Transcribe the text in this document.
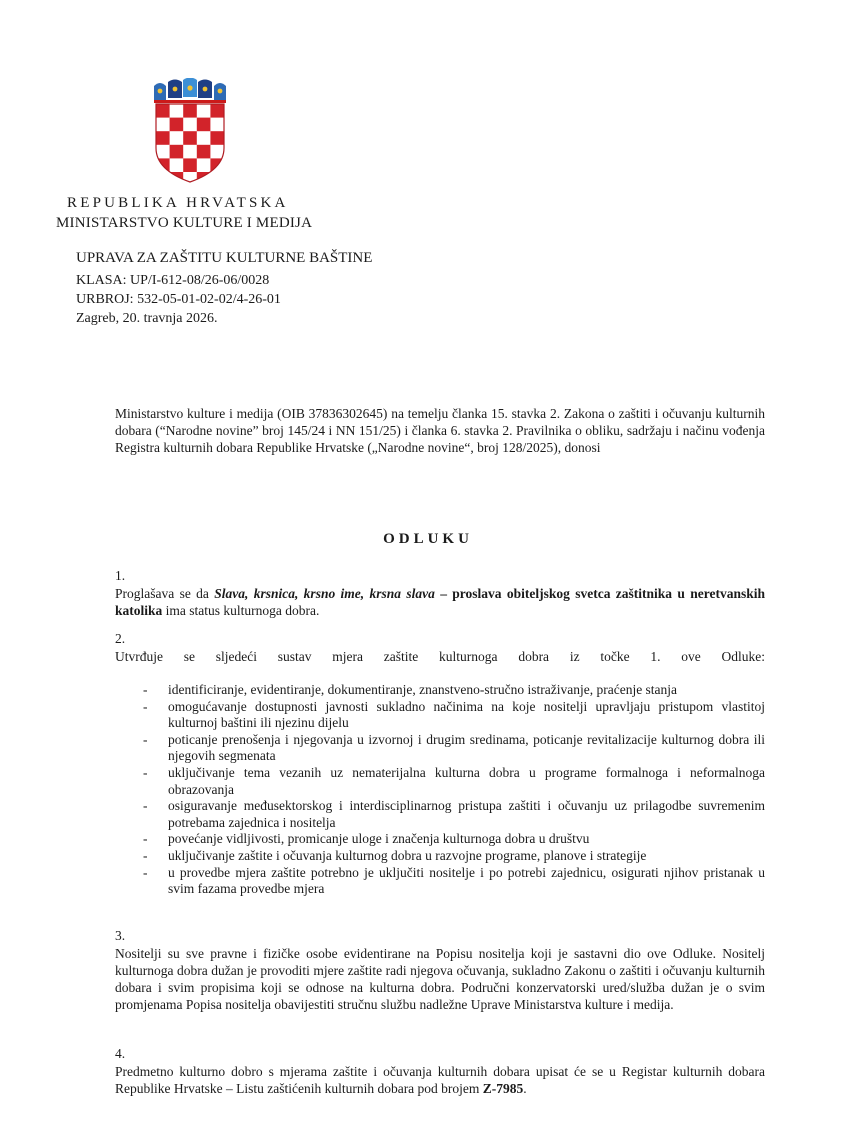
REPUBLIKA HRVATSKA
MINISTARSTVO KULTURE I MEDIJA
UPRAVA ZA ZAŠTITU KULTURNE BAŠTINE
KLASA: UP/I-612-08/26-06/0028
URBROJ: 532-05-01-02-02/4-26-01
Zagreb, 20. travnja 2026.
Ministarstvo kulture i medija (OIB 37836302645) na temelju članka 15. stavka 2. Zakona o zaštiti i očuvanju kulturnih dobara (“Narodne novine” broj 145/24 i NN 151/25) i članka 6. stavka 2. Pravilnika o obliku, sadržaju i načinu vođenja Registra kulturnih dobara Republike Hrvatske („Narodne novine“, broj 128/2025), donosi
ODLUKU
1.
Proglašava se da Slava, krsnica, krsno ime, krsna slava – proslava obiteljskog svetca zaštitnika u neretvanskih katolika ima status kulturnoga dobra.
2.
Utvrđuje se sljedeći sustav mjera zaštite kulturnoga dobra iz točke 1. ove Odluke:
- identificiranje, evidentiranje, dokumentiranje, znanstveno-stručno istraživanje, praćenje stanja
- omogućavanje dostupnosti javnosti sukladno načinima na koje nositelji upravljaju pristupom vlastitoj kulturnoj baštini ili njezinu dijelu
- poticanje prenošenja i njegovanja u izvornoj i drugim sredinama, poticanje revitalizacije kulturnog dobra ili njegovih segmenata
- uključivanje tema vezanih uz nematerijalna kulturna dobra u programe formalnoga i neformalnoga obrazovanja
- osiguravanje međusektorskog i interdisciplinarnog pristupa zaštiti i očuvanju uz prilagodbe suvremenim potrebama zajednica i nositelja
- povećanje vidljivosti, promicanje uloge i značenja kulturnoga dobra u društvu
- uključivanje zaštite i očuvanja kulturnog dobra u razvojne programe, planove i strategije
- u provedbe mjera zaštite potrebno je uključiti nositelje i po potrebi zajednicu, osigurati njihov pristanak u svim fazama provedbe mjera
3.
Nositelji su sve pravne i fizičke osobe evidentirane na Popisu nositelja koji je sastavni dio ove Odluke. Nositelj kulturnoga dobra dužan je provoditi mjere zaštite radi njegova očuvanja, sukladno Zakonu o zaštiti i očuvanju kulturnih dobara i svim propisima koji se odnose na kulturna dobra. Područni konzervatorski ured/služba dužan je o svim promjenama Popisa nositelja obavijestiti stručnu službu nadležne Uprave Ministarstva kulture i medija.
4.
Predmetno kulturno dobro s mjerama zaštite i očuvanja kulturnih dobara upisat će se u Registar kulturnih dobara Republike Hrvatske – Listu zaštićenih kulturnih dobara pod brojem Z-7985.
